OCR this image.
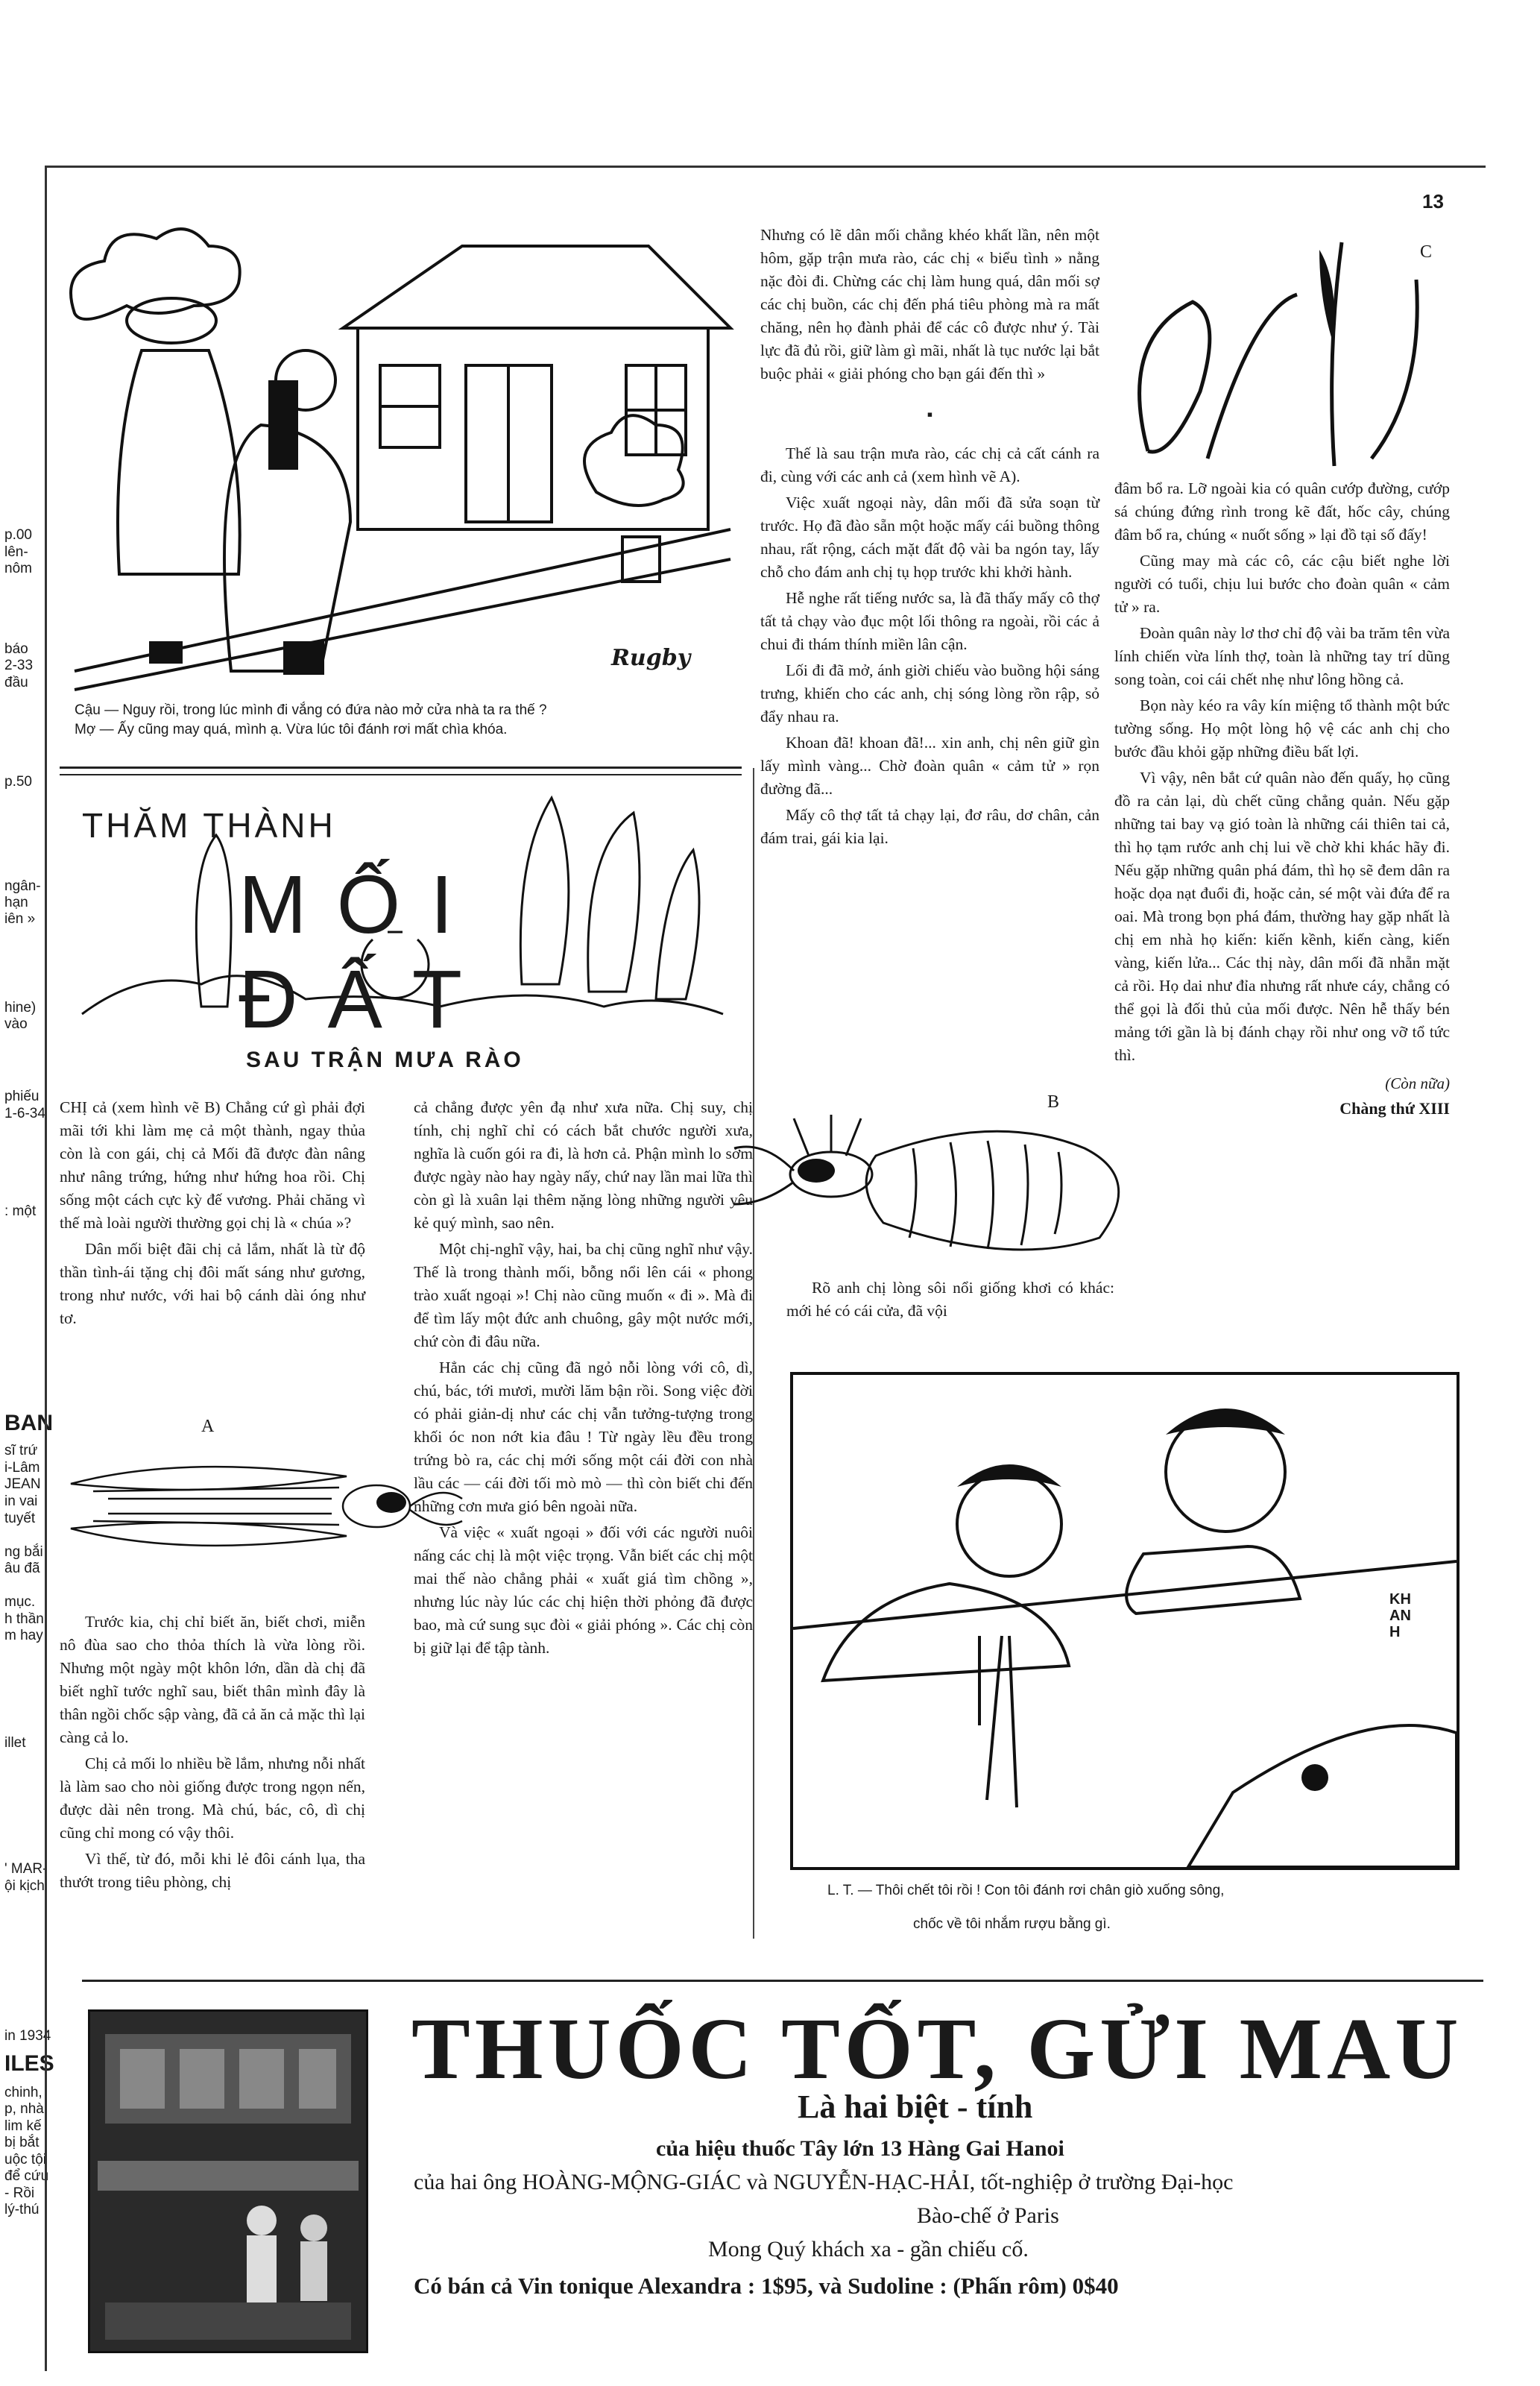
p.00
lên-
nôm
báo
2-33
đầu
p.50
ngân-
hạn
iên »
hine)
vào
phiếu
1-6-34
: một
BAN
sĩ trứ
i-Lâm
JEAN
in vai
tuyết
ng bắi
âu đã
mục.
h thần
m hay
illet
' MAR-
ội kịch
in 1934
ILES
chinh,
p, nhà
lim kế
bị bắt
uộc tội
để cứu
- Rồi
lý-thú
13
Rugby
Cậu — Nguy rồi, trong lúc mình đi vắng có đứa nào mở cửa nhà ta ra thế ?
Mợ — Ấy cũng may quá, mình ạ. Vừa lúc tôi đánh rơi mất chìa khóa.
THĂM THÀNH
MỐI ĐẤT
SAU TRẬN MƯA RÀO

CHỊ cả (xem hình vẽ B) Chẳng cứ gì phải đợi mãi tới khi làm mẹ cả một thành, ngay thủa còn là con gái, chị cả Mối đã được đàn nâng như nâng trứng, hứng như hứng hoa rồi. Chị sống một cách cực kỳ đế vương. Phải chăng vì thế mà loài người thường gọi chị là « chúa »?

Dân mối biệt đãi chị cả lắm, nhất là từ độ thần tình-ái tặng chị đôi mất sáng như gương, trong như nước, với hai bộ cánh dài óng như tơ.

A

Trước kia, chị chỉ biết ăn, biết chơi, miễn nô đùa sao cho thỏa thích là vừa lòng rồi. Nhưng một ngày một khôn lớn, dần dà chị đã biết nghĩ tước nghĩ sau, biết thân mình đây là thân ngồi chốc sập vàng, đã cả ăn cả mặc thì lại càng cả lo.

Chị cả mối lo nhiều bề lắm, nhưng nỗi nhất là làm sao cho nòi giống được trong ngọn nến, được dài nên trong. Mà chú, bác, cô, dì chị cũng chỉ mong có vậy thôi.

Vì thế, từ đó, mỗi khi lẻ đôi cánh lụa, tha thướt trong tiêu phòng, chị

cả chẳng được yên đạ như xưa nữa. Chị suy, chị tính, chị nghĩ chỉ có cách bắt chước người xưa, nghĩa là cuốn gói ra đi, là hơn cả. Phận mình lo sớm được ngày nào hay ngày nấy, chứ nay lần mai lữa thì còn gì là xuân lại thêm nặng lòng những người yêu kẻ quý mình, sao nên.

Một chị-nghĩ vậy, hai, ba chị cũng nghĩ như vậy. Thế là trong thành mối, bỗng nổi lên cái « phong trào xuất ngoại »! Chị nào cũng muốn « đi ». Mà đi để tìm lấy một đức anh chuông, gây một nước mới, chứ còn đi đâu nữa.

Hẳn các chị cũng đã ngỏ nỗi lòng với cô, dì, chú, bác, tới mươi, mười lăm bận rồi. Song việc đời có phải giản-dị như các chị vẫn tưởng-tượng trong khối óc non nớt kia đâu ! Từ ngày lều đều trong trứng bò ra, các chị mới sống một cái đời con nhà lầu các — cái đời tối mò mò — thì còn biết chi đến những cơn mưa gió bên ngoài nữa.

Và việc « xuất ngoại » đối với các người nuôi nấng các chị là một việc trọng. Vẫn biết các chị một mai thế nào chẳng phải « xuất giá tìm chồng », nhưng lúc này lúc các chị hiện thời phỏng đã được bao, mà cứ sung sục đòi « giải phóng ». Các chị còn bị giữ lại để tập tành.

Nhưng có lẽ dân mối chẳng khéo khất lần, nên một hôm, gặp trận mưa rào, các chị « biểu tình » nằng nặc đòi đi. Chừng các chị làm hung quá, dân mối sợ các chị buồn, các chị đến phá tiêu phòng mà ra mất chăng, nên họ đành phải để các cô được như ý. Tài lực đã đủ rồi, giữ làm gì mãi, nhất là tục nước lại bắt buộc phải « giải phóng cho bạn gái đến thì »

▪

Thế là sau trận mưa rào, các chị cả cất cánh ra đi, cùng với các anh cả (xem hình vẽ A).

Việc xuất ngoại này, dân mối đã sửa soạn từ trước. Họ đã đào sẵn một hoặc mấy cái buồng thông nhau, rất rộng, cách mặt đất độ vài ba ngón tay, lấy chỗ cho đám anh chị tụ họp trước khi khởi hành.

Hễ nghe rất tiếng nước sa, là đã thấy mấy cô thợ tất tả chạy vào đục một lối thông ra ngoài, rồi các ả chui đi thám thính miền lân cận.

Lối đi đã mở, ánh giời chiếu vào buồng hội sáng trưng, khiến cho các anh, chị sóng lòng rồn rập, sỏ đẩy nhau ra.

Khoan đã! khoan đã!... xin anh, chị nên giữ gìn lấy mình vàng... Chờ đoàn quân « cảm tử » rọn đường đã...

Mấy cô thợ tất tả chạy lại, đơ râu, dơ chân, cản đám trai, gái kia lại.

B

Rõ anh chị lòng sôi nổi giống khơi có khác: mới hé có cái cửa, đã vội

C

đâm bổ ra. Lỡ ngoài kia có quân cướp đường, cướp sá chúng đứng rình trong kẽ đất, hốc cây, chúng đâm bổ ra, chúng « nuốt sống » lại đồ tại số đấy!

Cũng may mà các cô, các cậu biết nghe lời người có tuổi, chịu lui bước cho đoàn quân « cảm tử » ra.

Đoàn quân này lơ thơ chỉ độ vài ba trăm tên vừa lính chiến vừa lính thợ, toàn là những tay trí dũng song toàn, coi cái chết nhẹ như lông hồng cả.

Bọn này kéo ra vây kín miệng tổ thành một bức tường sống. Họ một lòng hộ vệ các anh chị cho bước đầu khỏi gặp những điều bất lợi.

Vì vậy, nên bắt cứ quân nào đến quấy, họ cũng đồ ra cản lại, dù chết cũng chẳng quản. Nếu gặp những tai bay vạ gió toàn là những cái thiên tai cả, thì họ tạm rước anh chị lui về chờ khi khác hãy đi. Nếu gặp những quân phá đám, thì họ sẽ đem dân ra hoặc dọa nạt đuổi đi, hoặc cản, sé một vài đứa để ra oai. Mà trong bọn phá đám, thường hay gặp nhất là chị em nhà họ kiến: kiến kềnh, kiến càng, kiến vàng, kiến lửa... Các thị này, dân mối đã nhẵn mặt cả rồi. Họ dai như đỉa nhưng rất nhưe cáy, chẳng có thể gọi là đối thủ của mối được. Nên hễ thấy bén mảng tới gần là bị đánh chạy rồi như ong vỡ tổ tức thì.

(Còn nữa)
Chàng thứ XIII
KHANH
L. T. — Thôi chết tôi rồi ! Con tôi đánh rơi chân giò xuống sông,
chốc về tôi nhắm rượu bằng gì.
THUỐC TỐT, GỬI MAU
Là hai biệt - tính
của hiệu thuốc Tây lớn 13 Hàng Gai Hanoi
của hai ông HOÀNG-MỘNG-GIÁC và NGUYỄN-HẠC-HẢI, tốt-nghiệp ở trường Đại-học
Bào-chế ở Paris
Mong Quý khách xa - gần chiếu cố.
Có bán cả Vin tonique Alexandra : 1$95, và Sudoline : (Phấn rôm) 0$40
